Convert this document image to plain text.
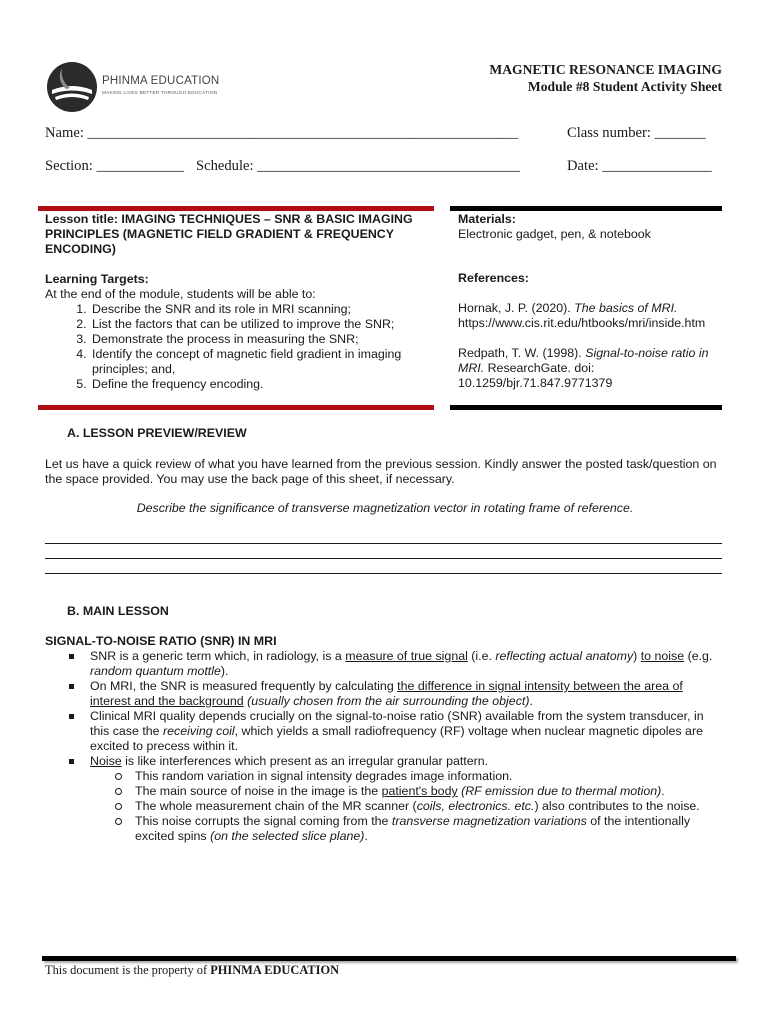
PHINMA EDUCATION
MAKING LIVES BETTER THROUGH EDUCATION
MAGNETIC RESONANCE IMAGING
Module #8 Student Activity Sheet
Name: ___________________________________________________________	Class number: _______
Section: ____________ Schedule: ____________________________________	Date: _______________
Lesson title: IMAGING TECHNIQUES – SNR & BASIC IMAGING PRINCIPLES (MAGNETIC FIELD GRADIENT & FREQUENCY ENCODING)
Learning Targets:
At the end of the module, students will be able to:
1. Describe the SNR and its role in MRI scanning;
2. List the factors that can be utilized to improve the SNR;
3. Demonstrate the process in measuring the SNR;
4. Identify the concept of magnetic field gradient in imaging principles; and,
5. Define the frequency encoding.
Materials:
Electronic gadget, pen, & notebook
References:
Hornak, J. P. (2020). The basics of MRI.
https://www.cis.rit.edu/htbooks/mri/inside.htm
Redpath, T. W. (1998). Signal-to-noise ratio in MRI. ResearchGate. doi: 10.1259/bjr.71.847.9771379
A. LESSON PREVIEW/REVIEW
Let us have a quick review of what you have learned from the previous session. Kindly answer the posted task/question on the space provided. You may use the back page of this sheet, if necessary.
Describe the significance of transverse magnetization vector in rotating frame of reference.
B. MAIN LESSON
SIGNAL-TO-NOISE RATIO (SNR) IN MRI
SNR is a generic term which, in radiology, is a measure of true signal (i.e. reflecting actual anatomy) to noise (e.g. random quantum mottle).
On MRI, the SNR is measured frequently by calculating the difference in signal intensity between the area of interest and the background (usually chosen from the air surrounding the object).
Clinical MRI quality depends crucially on the signal-to-noise ratio (SNR) available from the system transducer, in this case the receiving coil, which yields a small radiofrequency (RF) voltage when nuclear magnetic dipoles are excited to precess within it.
Noise is like interferences which present as an irregular granular pattern.
This random variation in signal intensity degrades image information.
The main source of noise in the image is the patient's body (RF emission due to thermal motion).
The whole measurement chain of the MR scanner (coils, electronics. etc.) also contributes to the noise.
This noise corrupts the signal coming from the transverse magnetization variations of the intentionally excited spins (on the selected slice plane).
This document is the property of PHINMA EDUCATION
